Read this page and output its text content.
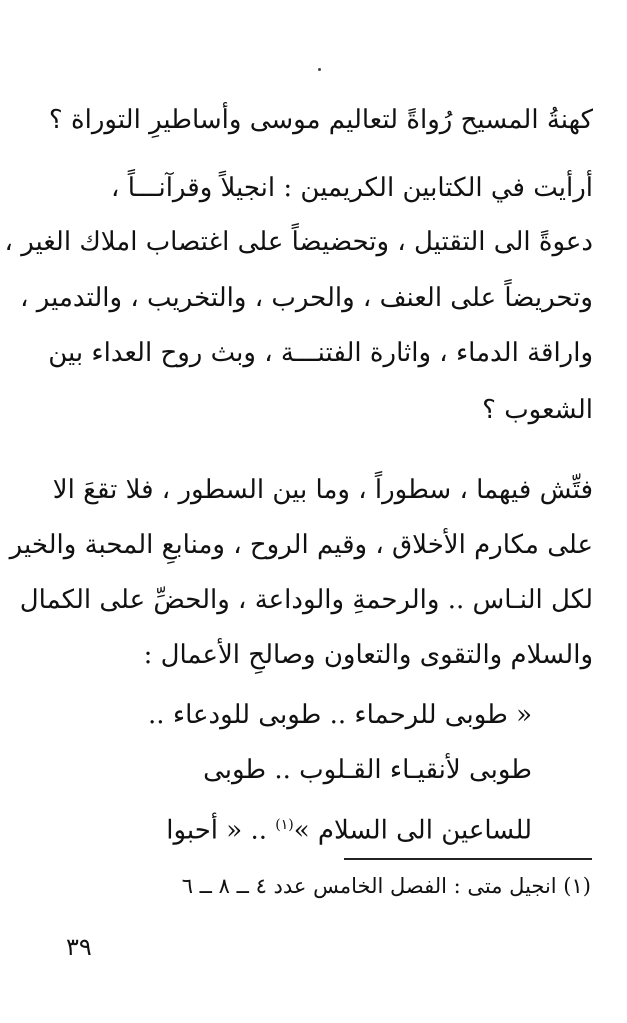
كهنةُ المسيح رُواةً لتعاليم موسى وأساطيرِ التوراة ؟
أرأيت في الكتابين الكريمين : انجيلاً وقرآنـــاً ،
دعوةً الى التقتيل ، وتحضيضاً على اغتصاب املاك الغير ،
وتحريضاً على العنف ، والحرب ، والتخريب ، والتدمير ،
واراقة الدماء ، واثارة الفتنـــة ، وبث روح العداء بين
الشعوب ؟
فتِّش فيهما ، سطوراً ، وما بين السطور ، فلا تقعَ الا
على مكارم الأخلاق ، وقيم الروح ، ومنابعِ المحبة والخير
لكل النـاس .. والرحمةِ والوداعة ، والحضِّ على الكمال
والسلام والتقوى والتعاون وصالحِ الأعمال :
« طوبى للرحماء .. طوبى للودعاء ..
طوبى لأنقيـاء القـلوب .. طوبى
للساعين الى السلام »$^{(١)}$ .. « أحبوا
(١) انجيل متى : الفصل الخامس عدد ٤ ــ ٨ ــ ٦
٣٩
